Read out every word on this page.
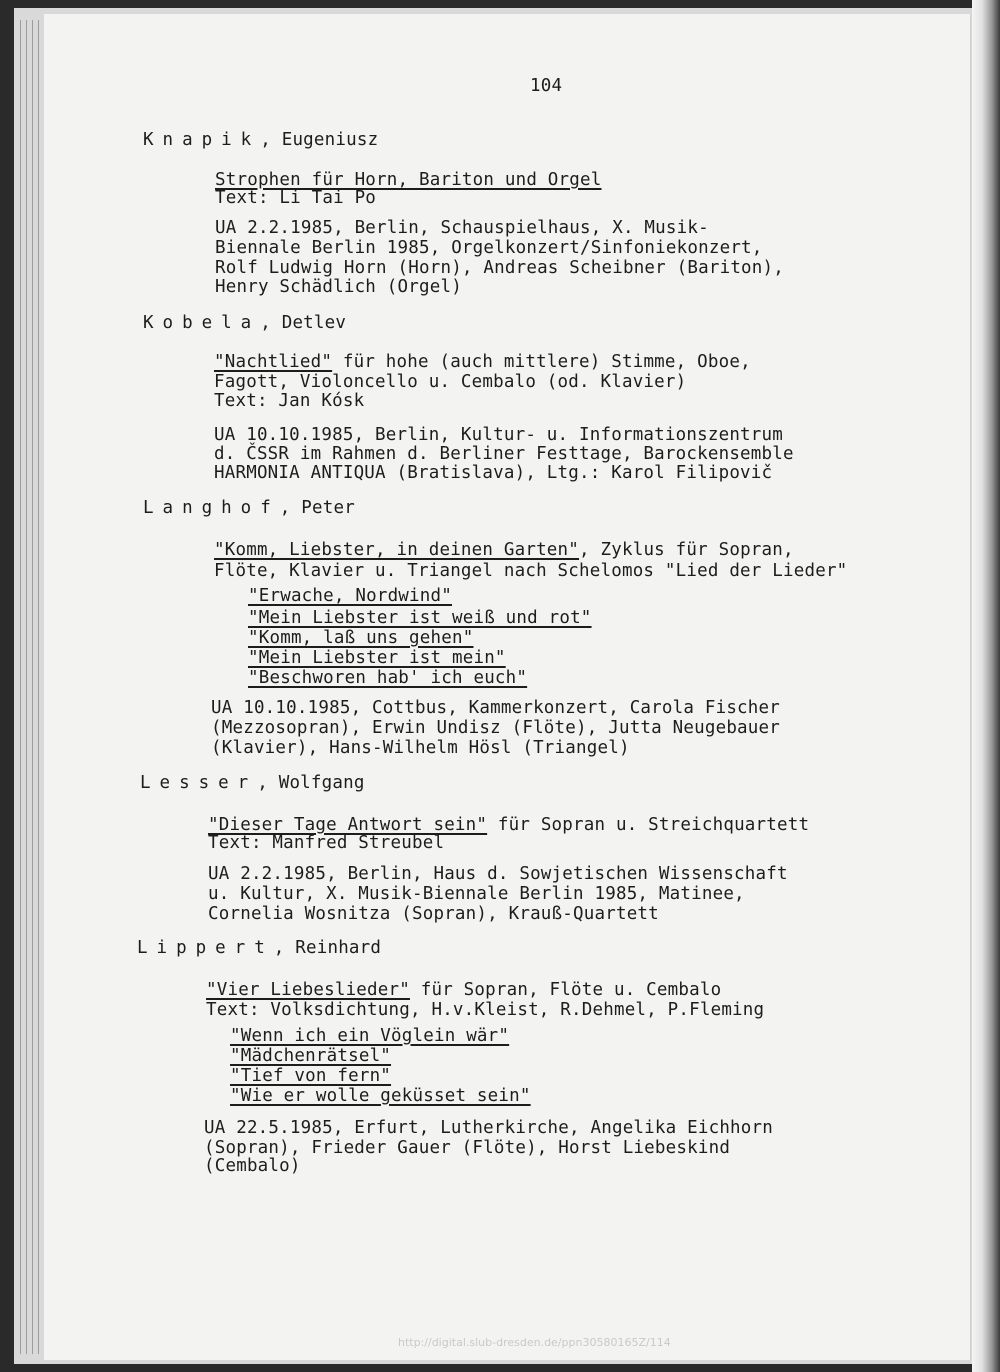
104
Knapik, Eugeniusz
Strophen für Horn, Bariton und Orgel
Text: Li Tai Po
UA 2.2.1985, Berlin, Schauspielhaus, X. Musik-
Biennale Berlin 1985, Orgelkonzert/Sinfoniekonzert,
Rolf Ludwig Horn (Horn), Andreas Scheibner (Bariton),
Henry Schädlich (Orgel)
Kobela, Detlev
"Nachtlied" für hohe (auch mittlere) Stimme, Oboe,
Fagott, Violoncello u. Cembalo (od. Klavier)
Text: Jan Kósk
UA 10.10.1985, Berlin, Kultur- u. Informationszentrum
d. ČSSR im Rahmen d. Berliner Festtage, Barockensemble
HARMONIA ANTIQUA (Bratislava), Ltg.: Karol Filipovič
Langhof, Peter
"Komm, Liebster, in deinen Garten", Zyklus für Sopran,
Flöte, Klavier u. Triangel nach Schelomos "Lied der Lieder"
"Erwache, Nordwind"
"Mein Liebster ist weiß und rot"
"Komm, laß uns gehen"
"Mein Liebster ist mein"
"Beschworen hab' ich euch"
UA 10.10.1985, Cottbus, Kammerkonzert, Carola Fischer
(Mezzosopran), Erwin Undisz (Flöte), Jutta Neugebauer
(Klavier), Hans-Wilhelm Hösl (Triangel)
Lesser, Wolfgang
"Dieser Tage Antwort sein" für Sopran u. Streichquartett
Text: Manfred Streubel
UA 2.2.1985, Berlin, Haus d. Sowjetischen Wissenschaft
u. Kultur, X. Musik-Biennale Berlin 1985, Matinee,
Cornelia Wosnitza (Sopran), Krauß-Quartett
Lippert, Reinhard
"Vier Liebeslieder" für Sopran, Flöte u. Cembalo
Text: Volksdichtung, H.v.Kleist, R.Dehmel, P.Fleming
"Wenn ich ein Vöglein wär"
"Mädchenrätsel"
"Tief von fern"
"Wie er wolle geküsset sein"
UA 22.5.1985, Erfurt, Lutherkirche, Angelika Eichhorn
(Sopran), Frieder Gauer (Flöte), Horst Liebeskind
(Cembalo)
http://digital.slub-dresden.de/ppn30580165Z/114
